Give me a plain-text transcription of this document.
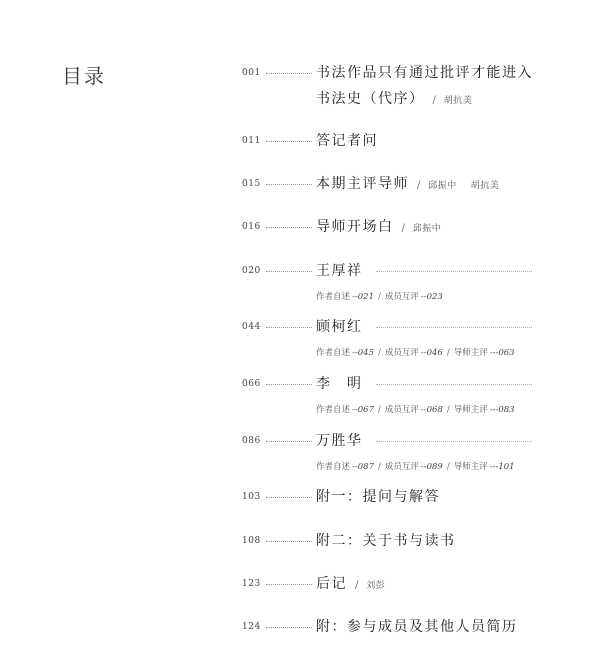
目录	001	书法作品只有通过批评才能进入
书法史（代序） / 胡抗美
011	答记者问
015	本期主评导师 / 邱振中 胡抗美
016	导师开场白 / 邱振中
020	王厚祥
作者自述 --021 / 成员互评 --023
044	顾柯红
作者自述 --045 / 成员互评 --046 / 导师主评 ---063
066	李　明
作者自述 --067 / 成员互评 --068 / 导师主评 ---083
086	万胜华
作者自述 --087 / 成员互评 --089 / 导师主评 ---101
103	附一：提问与解答
108	附二：关于书与读书
123	后记 / 刘彭
124	附：参与成员及其他人员简历
